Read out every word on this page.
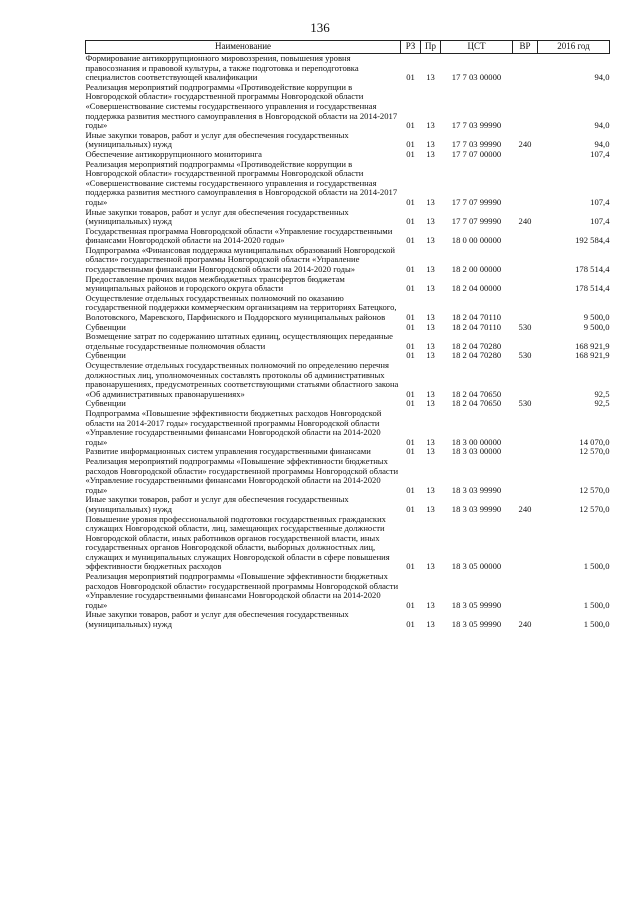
136
Наименование	РЗ	Пр	ЦСТ	ВР	2016 год
Формирование антикоррупционного мировоззрения, повышения уровня правосознания и правовой культуры, а также подготовка и переподготовка специалистов соответствующей квалификации	01	13	17 7 03 00000		94,0
Реализация мероприятий подпрограммы «Противодействие коррупции в Новгородской области» государственной программы Новгородской области «Совершенствование системы государственного управления и государственная поддержка развития местного самоуправления в Новгородской области на 2014-2017 годы»	01	13	17 7 03 99990		94,0
Иные закупки товаров, работ и услуг для обеспечения государственных (муниципальных) нужд	01	13	17 7 03 99990	240	94,0
Обеспечение антикоррупционного мониторинга	01	13	17 7 07 00000		107,4
Реализация мероприятий подпрограммы «Противодействие коррупции в Новгородской области» государственной программы Новгородской области «Совершенствование системы государственного управления и государственная поддержка развития местного самоуправления в Новгородской области на 2014-2017 годы»	01	13	17 7 07 99990		107,4
Иные закупки товаров, работ и услуг для обеспечения государственных (муниципальных) нужд	01	13	17 7 07 99990	240	107,4
Государственная программа Новгородской области «Управление государственными финансами Новгородской области на 2014-2020 годы»	01	13	18 0 00 00000		192 584,4
Подпрограмма «Финансовая поддержка муниципальных образований Новгородской области» государственной программы Новгородской области «Управление государственными финансами Новгородской области на 2014-2020 годы»	01	13	18 2 00 00000		178 514,4
Предоставление прочих видов межбюджетных трансфертов бюджетам муниципальных районов и городского округа области	01	13	18 2 04 00000		178 514,4
Осуществление отдельных государственных полномочий по оказанию государственной поддержки коммерческим организациям на территориях Батецкого, Волотовского, Маревского, Парфинского и Поддорского муниципальных районов	01	13	18 2 04 70110		9 500,0
Субвенции	01	13	18 2 04 70110	530	9 500,0
Возмещение затрат по содержанию штатных единиц, осуществляющих переданные отдельные государственные полномочия области	01	13	18 2 04 70280		168 921,9
Субвенции	01	13	18 2 04 70280	530	168 921,9
Осуществление отдельных государственных полномочий по определению перечня должностных лиц, уполномоченных составлять протоколы об административных правонарушениях, предусмотренных соответствующими статьями областного закона «Об административных правонарушениях»	01	13	18 2 04 70650		92,5
Субвенции	01	13	18 2 04 70650	530	92,5
Подпрограмма «Повышение эффективности бюджетных расходов Новгородской области на 2014-2017 годы» государственной программы Новгородской области «Управление государственными финансами Новгородской области на 2014-2020 годы»	01	13	18 3 00 00000		14 070,0
Развитие информационных систем управления государственными финансами	01	13	18 3 03 00000		12 570,0
Реализация мероприятий подпрограммы «Повышение эффективности бюджетных расходов Новгородской области» государственной программы Новгородской области «Управление государственными финансами Новгородской области на 2014-2020 годы»	01	13	18 3 03 99990		12 570,0
Иные закупки товаров, работ и услуг для обеспечения государственных (муниципальных) нужд	01	13	18 3 03 99990	240	12 570,0
Повышение уровня профессиональной подготовки государственных гражданских служащих Новгородской области, лиц, замещающих государственные должности Новгородской области, иных работников органов государственной власти, иных государственных органов Новгородской области, выборных должностных лиц, служащих и муниципальных служащих Новгородской области в сфере повышения эффективности бюджетных расходов	01	13	18 3 05 00000		1 500,0
Реализация мероприятий подпрограммы «Повышение эффективности бюджетных расходов Новгородской области» государственной программы Новгородской области «Управление государственными финансами Новгородской области на 2014-2020 годы»	01	13	18 3 05 99990		1 500,0
Иные закупки товаров, работ и услуг для обеспечения государственных (муниципальных) нужд	01	13	18 3 05 99990	240	1 500,0
